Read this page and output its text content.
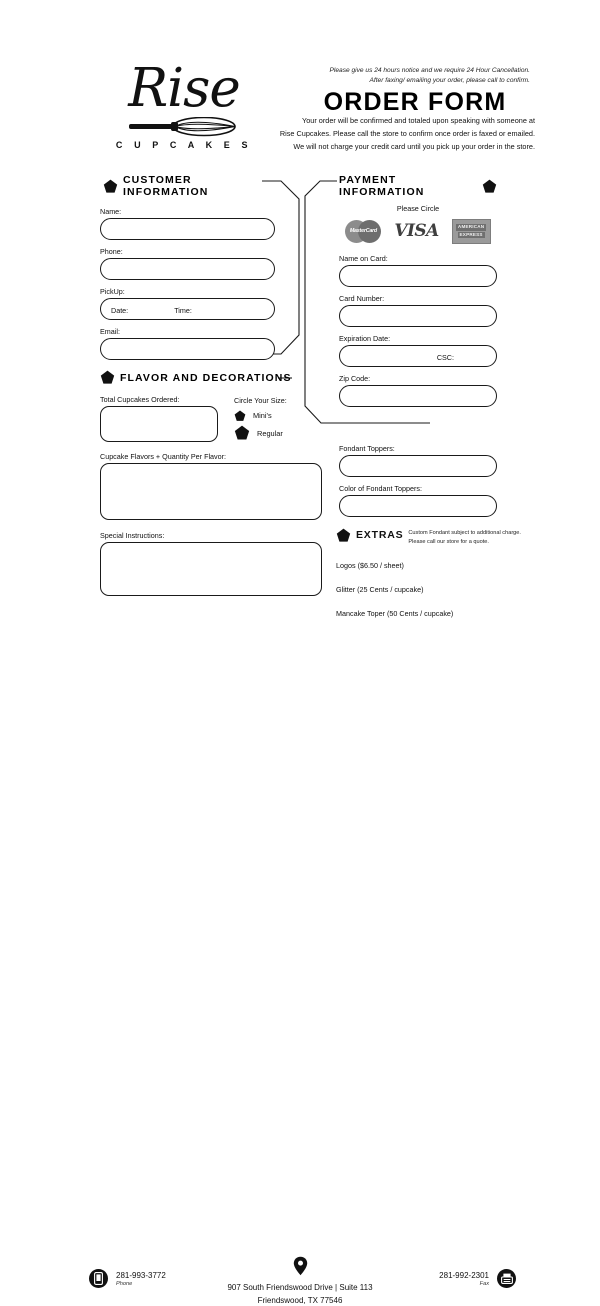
Rise
C U P C A K E S
Please give us 24 hours notice and we require 24 Hour Cancellation.
After faxing/ emailing your order, please call to confirm.
ORDER FORM
Your order will be confirmed and totaled upon speaking with someone at
Rise Cupcakes. Please call the store to confirm once order is faxed or emailed.
We will not charge your credit card until you pick up your order in the store.
CUSTOMER INFORMATION
Name:
Phone:
PickUp:
Date:	Time:
Email:
PAYMENT INFORMATION
Please Circle
MasterCard VISA	AMERICAN
EXPRESS
Name on Card:
Card Number:
Expiration Date:
CSC:
Zip Code:
FLAVOR AND DECORATIONS
Total Cupcakes Ordered:	Circle Your Size:
Mini's
Regular
Cupcake Flavors + Quantity Per Flavor:
Special Instructions:
Fondant Toppers:
Color of Fondant Toppers:
EXTRAS Custom Fondant subject to additional charge. Please call our store for a quote.
Logos ($6.50 / sheet)
Glitter (25 Cents / cupcake)
Mancake Toper (50 Cents / cupcake)
281-993-3772
Phone	907 South Friendswood Drive | Suite 113
Friendswood, TX 77546
281-992-2301
Fax
